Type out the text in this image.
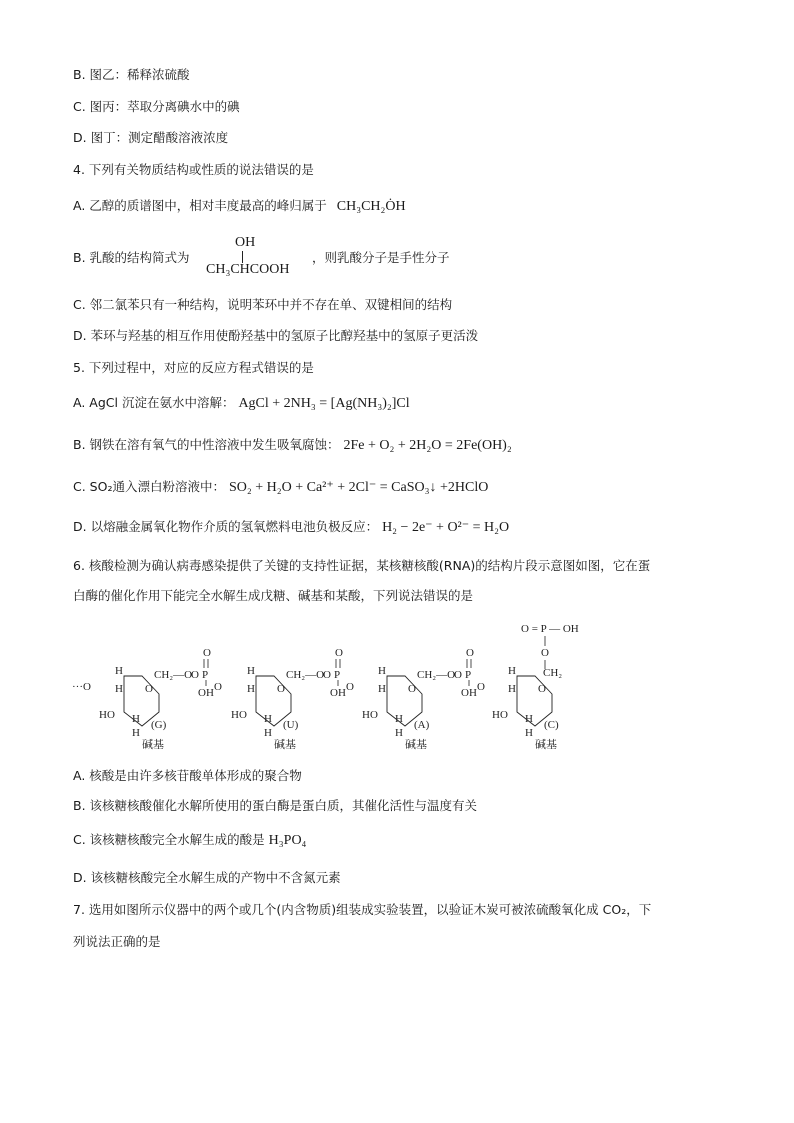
B. 图乙：稀释浓硫酸
C. 图丙：萃取分离碘水中的碘
D. 图丁：测定醋酸溶液浓度
4. 下列有关物质结构或性质的说法错误的是
A. 乙醇的质谱图中，相对丰度最高的峰归属于 CH₃CH₂ȮH
B. 乳酸的结构简式为
OH
CH₃CHCOOH
，则乳酸分子是手性分子
C. 邻二氯苯只有一种结构，说明苯环中并不存在单、双键相间的结构
D. 苯环与羟基的相互作用使酚羟基中的氢原子比醇羟基中的氢原子更活泼
5. 下列过程中，对应的反应方程式错误的是
A. AgCl 沉淀在氨水中溶解： AgCl + 2NH₃ = [Ag(NH₃)₂]Cl
B. 钢铁在溶有氧气的中性溶液中发生吸氧腐蚀： 2Fe + O₂ + 2H₂O = 2Fe(OH)₂
C. SO₂通入漂白粉溶液中： SO₂ + H₂O + Ca²⁺ + 2Cl⁻ = CaSO₃↓ +2HClO
D. 以熔融金属氧化物作介质的氢氧燃料电池负极反应： H₂ − 2e⁻ + O²⁻ = H₂O
6. 核酸检测为确认病毒感染提供了关键的支持性证据，某核糖核酸(RNA)的结构片段示意图如图，它在蛋
白酶的催化作用下能完全水解生成戊糖、碱基和某酸，下列说法错误的是
O = P — OH
O
···O
H
H
HO H
H
O
(G)
碱基
CH₂—O
O P
O
OH O
H
H
HO H
H
O
(U)
碱基
CH₂—O
O P
O
OH O
H
H
HO H
H
O
(A)
碱基
CH₂—O
O P
O
OH O
H
H
HO H
H
O
(C)
碱基
CH₂
A. 核酸是由许多核苷酸单体形成的聚合物
B. 该核糖核酸催化水解所使用的蛋白酶是蛋白质，其催化活性与温度有关
C. 该核糖核酸完全水解生成的酸是 H₃PO₄
D. 该核糖核酸完全水解生成的产物中不含氮元素
7. 选用如图所示仪器中的两个或几个(内含物质)组装成实验装置，以验证木炭可被浓硫酸氧化成 CO₂，下
列说法正确的是
